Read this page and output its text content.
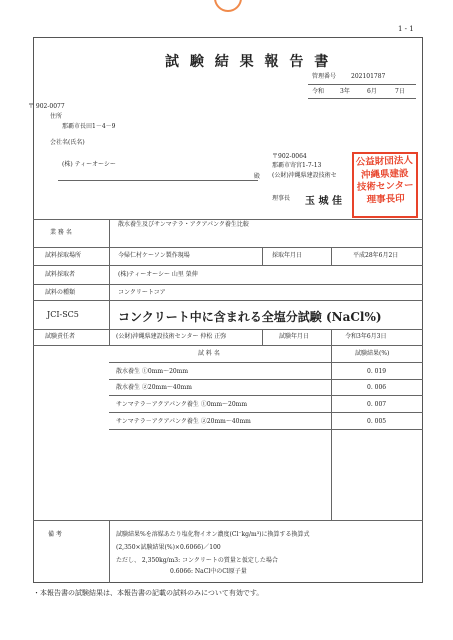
1 - 1
試 験 結 果 報 告 書
管理番号 202101787
令和	3年	6月	7日
〒 902-0077
住所
那覇市長田1－4－9
会社名(氏名)
(株) ティーオーシー
殿
〒902-0064
那覇市寄宮1-7-13
(公財)沖縄県建設技術セ
理事長 玉 城 佳
公益財団法人
沖縄県建設
技術センター
理事長印
業 務 名
散水養生及びサンマテラ・アクアパンク養生比較
試料採取場所	今帰仁村ケーソン製作現場	採取年月日	平成28年6月2日
試料採取者	(株)ティーオーシー 山里 榮伸
試料の種類	コンクリートコア
JCI-SC5	コンクリート中に含まれる全塩分試験 (NaCl%)
試験責任者	(公財)沖縄県建設技術センター 仲松 正弥	試験年月日	令和3年6月3日
試 料 名	試験結果(%)
散水養生 ①0mm～20mm	0. 019
散水養生 ②20mm～40mm	0. 006
サンマテラ－アクアパンク養生 ①0mm～20mm	0. 007
サンマテラ－アクアパンク養生 ②20mm～40mm	0. 005
備 考	試験結果%を溶媒あたり塩化物イオン濃度(Cl⁻kg/m³)に換算する換算式
(2,350×試験結果(%)×0.6066)／100
ただし、 2,350kg/m3: コンクリートの質量と仮定した場合
0.6066: NaCl中のCl原子量
・本報告書の試験結果は、本報告書の記載の試料のみについて有効です。
